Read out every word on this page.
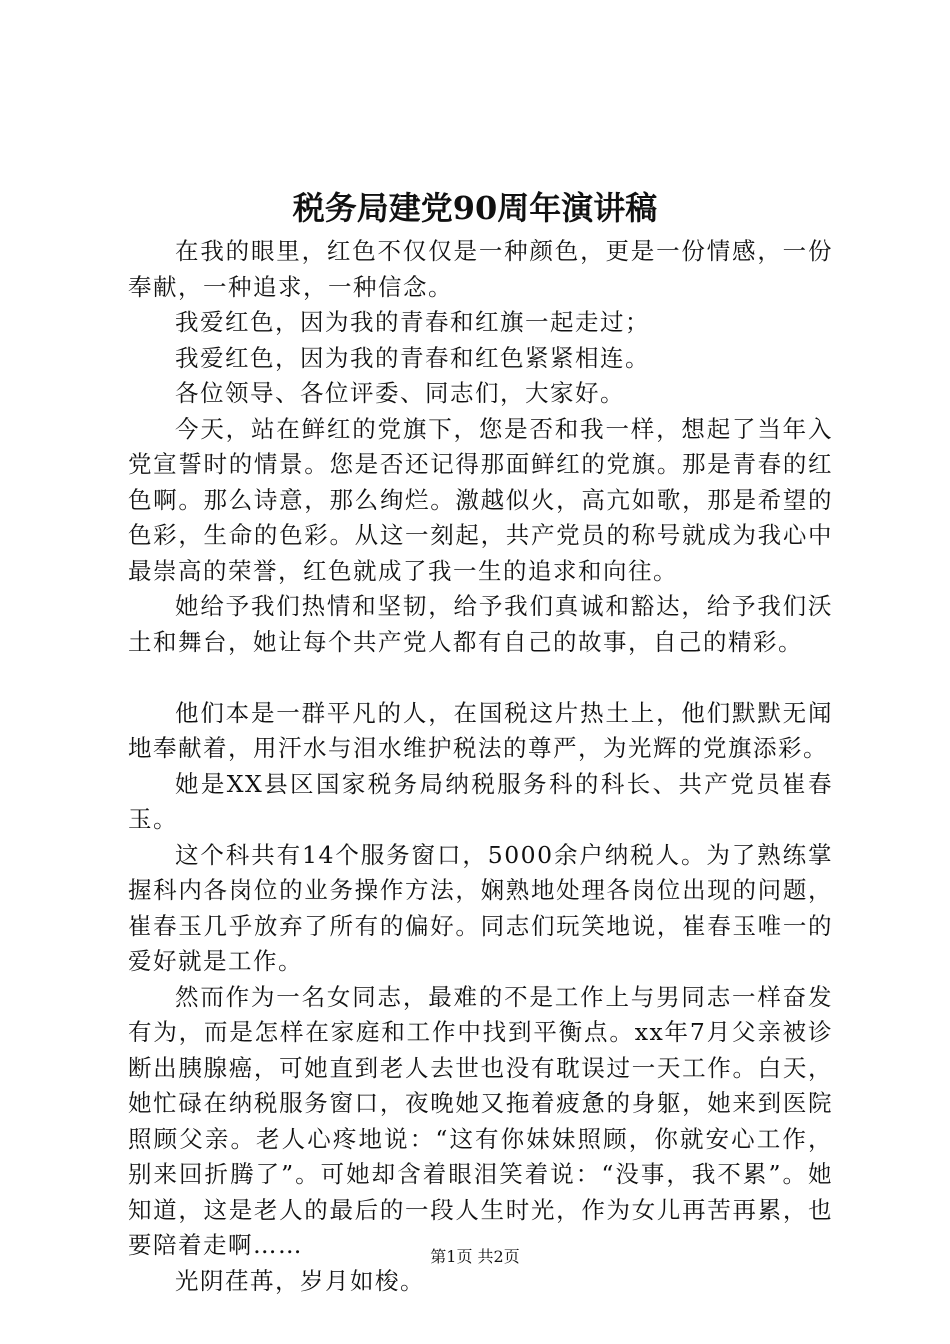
税务局建党90周年演讲稿

在我的眼里，红色不仅仅是一种颜色，更是一份情感，一份奉献，一种追求，一种信念。

我爱红色，因为我的青春和红旗一起走过；

我爱红色，因为我的青春和红色紧紧相连。

各位领导、各位评委、同志们，大家好。

今天，站在鲜红的党旗下，您是否和我一样，想起了当年入党宣誓时的情景。您是否还记得那面鲜红的党旗。那是青春的红色啊。那么诗意，那么绚烂。激越似火，高亢如歌，那是希望的色彩，生命的色彩。从这一刻起，共产党员的称号就成为我心中最崇高的荣誉，红色就成了我一生的追求和向往。

她给予我们热情和坚韧，给予我们真诚和豁达，给予我们沃土和舞台，她让每个共产党人都有自己的故事，自己的精彩。

他们本是一群平凡的人，在国税这片热土上，他们默默无闻地奉献着，用汗水与泪水维护税法的尊严，为光辉的党旗添彩。

她是XX县区国家税务局纳税服务科的科长、共产党员崔春玉。

这个科共有14个服务窗口，5000余户纳税人。为了熟练掌握科内各岗位的业务操作方法，娴熟地处理各岗位出现的问题，崔春玉几乎放弃了所有的偏好。同志们玩笑地说，崔春玉唯一的爱好就是工作。

然而作为一名女同志，最难的不是工作上与男同志一样奋发有为，而是怎样在家庭和工作中找到平衡点。xx年7月父亲被诊断出胰腺癌，可她直到老人去世也没有耽误过一天工作。白天，她忙碌在纳税服务窗口，夜晚她又拖着疲惫的身躯，她来到医院照顾父亲。老人心疼地说：“这有你妹妹照顾，你就安心工作，别来回折腾了”。可她却含着眼泪笑着说：“没事，我不累”。她知道，这是老人的最后的一段人生时光，作为女儿再苦再累，也要陪着走啊……

光阴荏苒，岁月如梭。

第1页 共2页
